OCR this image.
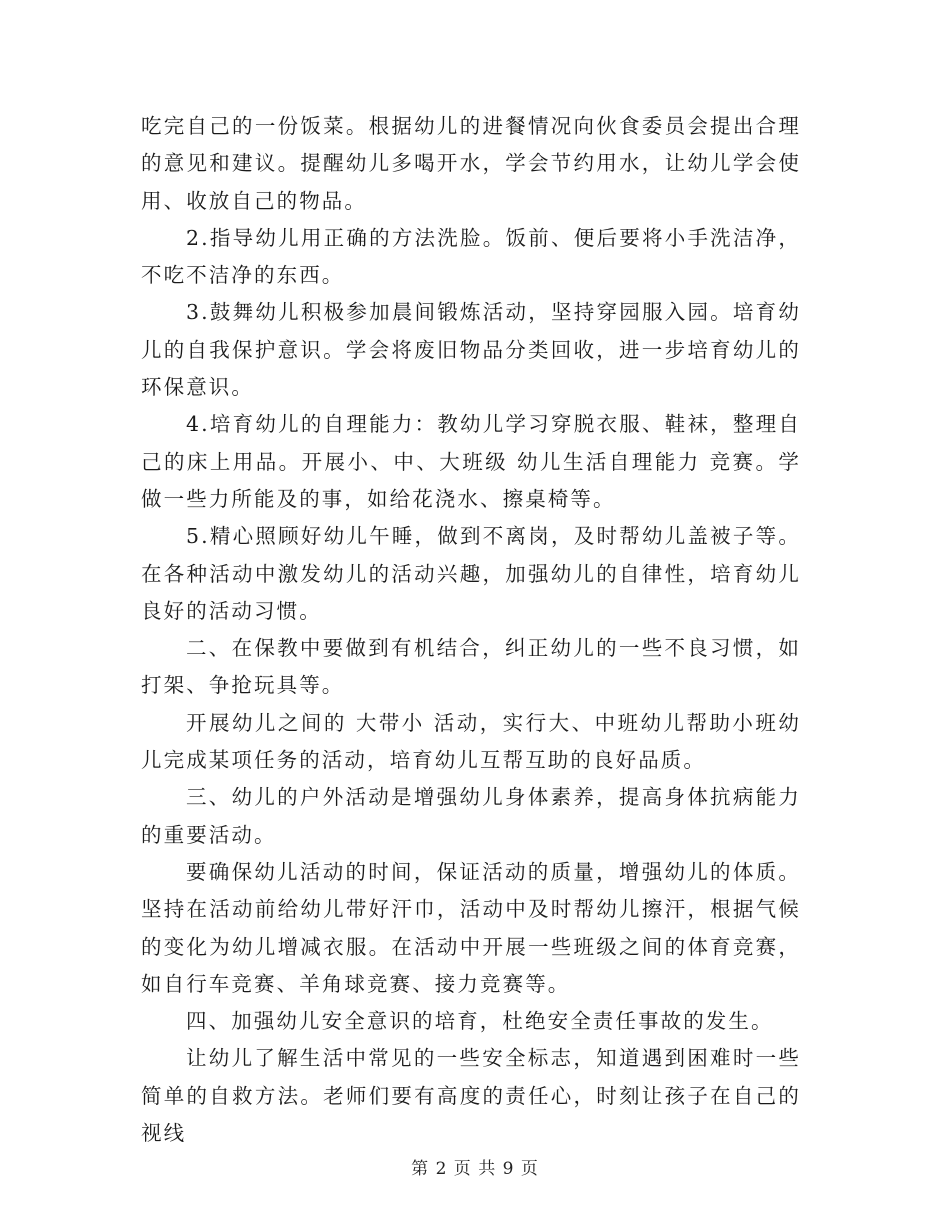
吃完自己的一份饭菜。根据幼儿的进餐情况向伙食委员会提出合理的意见和建议。提醒幼儿多喝开水，学会节约用水，让幼儿学会使用、收放自己的物品。

2.指导幼儿用正确的方法洗脸。饭前、便后要将小手洗洁净，不吃不洁净的东西。

3.鼓舞幼儿积极参加晨间锻炼活动，坚持穿园服入园。培育幼儿的自我保护意识。学会将废旧物品分类回收，进一步培育幼儿的环保意识。

4.培育幼儿的自理能力：教幼儿学习穿脱衣服、鞋袜，整理自己的床上用品。开展小、中、大班级 幼儿生活自理能力 竞赛。学做一些力所能及的事，如给花浇水、擦桌椅等。

5.精心照顾好幼儿午睡，做到不离岗，及时帮幼儿盖被子等。在各种活动中激发幼儿的活动兴趣，加强幼儿的自律性，培育幼儿良好的活动习惯。

二、在保教中要做到有机结合，纠正幼儿的一些不良习惯，如打架、争抢玩具等。

开展幼儿之间的 大带小 活动，实行大、中班幼儿帮助小班幼儿完成某项任务的活动，培育幼儿互帮互助的良好品质。

三、幼儿的户外活动是增强幼儿身体素养，提高身体抗病能力的重要活动。

要确保幼儿活动的时间，保证活动的质量，增强幼儿的体质。坚持在活动前给幼儿带好汗巾，活动中及时帮幼儿擦汗，根据气候的变化为幼儿增减衣服。在活动中开展一些班级之间的体育竞赛，如自行车竞赛、羊角球竞赛、接力竞赛等。

四、加强幼儿安全意识的培育，杜绝安全责任事故的发生。

让幼儿了解生活中常见的一些安全标志，知道遇到困难时一些简单的自救方法。老师们要有高度的责任心，时刻让孩子在自己的视线

第 2 页 共 9 页
